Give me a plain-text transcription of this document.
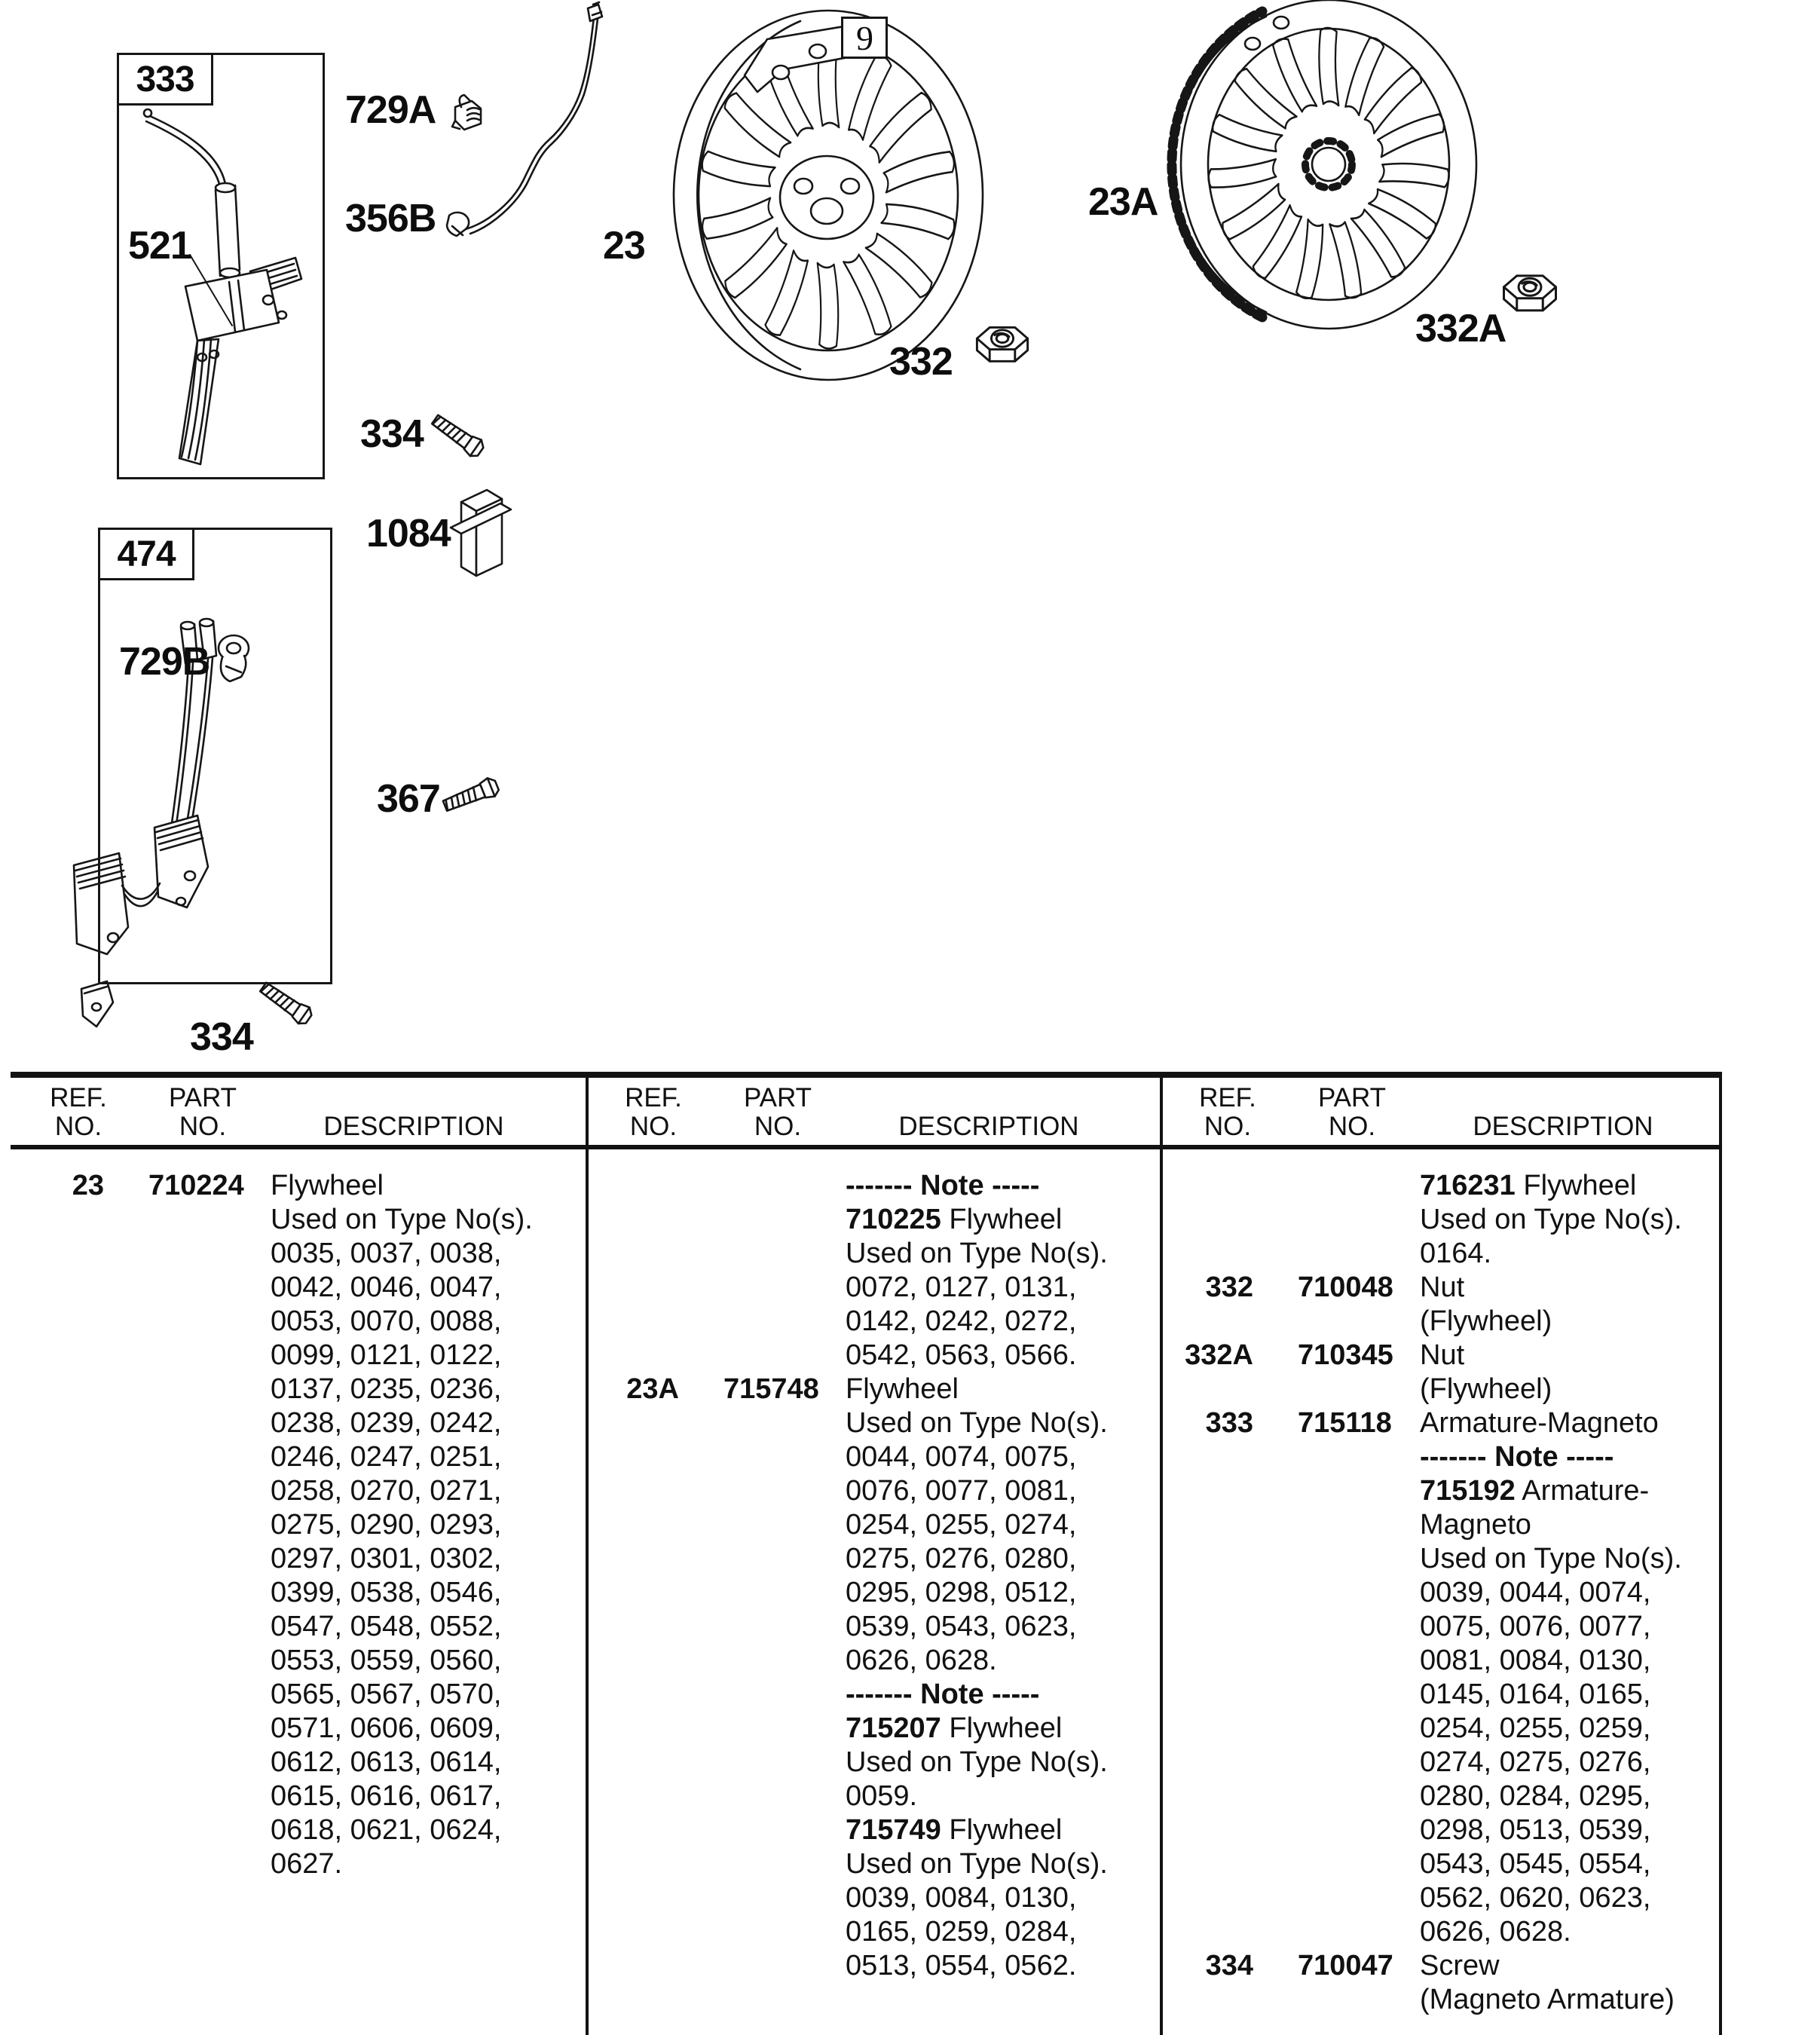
333
521
729A
356B
23
9
332
23A
332A
334
1084
474
729B
367
334
REF.
NO.
PART
NO.	DESCRIPTION
23 710224 Flywheel
Used on Type No(s).
0035, 0037, 0038,
0042, 0046, 0047,
0053, 0070, 0088,
0099, 0121, 0122,
0137, 0235, 0236,
0238, 0239, 0242,
0246, 0247, 0251,
0258, 0270, 0271,
0275, 0290, 0293,
0297, 0301, 0302,
0399, 0538, 0546,
0547, 0548, 0552,
0553, 0559, 0560,
0565, 0567, 0570,
0571, 0606, 0609,
0612, 0613, 0614,
0615, 0616, 0617,
0618, 0621, 0624,
0627.
REF.
NO.
PART
NO.	DESCRIPTION
------- Note -----
710225 Flywheel
Used on Type No(s).
0072, 0127, 0131,
0142, 0242, 0272,
0542, 0563, 0566.
23A 715748 Flywheel
Used on Type No(s).
0044, 0074, 0075,
0076, 0077, 0081,
0254, 0255, 0274,
0275, 0276, 0280,
0295, 0298, 0512,
0539, 0543, 0623,
0626, 0628.
------- Note -----
715207 Flywheel
Used on Type No(s).
0059.
715749 Flywheel
Used on Type No(s).
0039, 0084, 0130,
0165, 0259, 0284,
0513, 0554, 0562.
REF.
NO.
PART
NO.	DESCRIPTION
716231 Flywheel
Used on Type No(s).
0164.
332 710048 Nut
(Flywheel)
332A 710345 Nut
(Flywheel)
333 715118 Armature-Magneto
------- Note -----
715192 Armature-
Magneto
Used on Type No(s).
0039, 0044, 0074,
0075, 0076, 0077,
0081, 0084, 0130,
0145, 0164, 0165,
0254, 0255, 0259,
0274, 0275, 0276,
0280, 0284, 0295,
0298, 0513, 0539,
0543, 0545, 0554,
0562, 0620, 0623,
0626, 0628.
334 710047 Screw
(Magneto Armature)
